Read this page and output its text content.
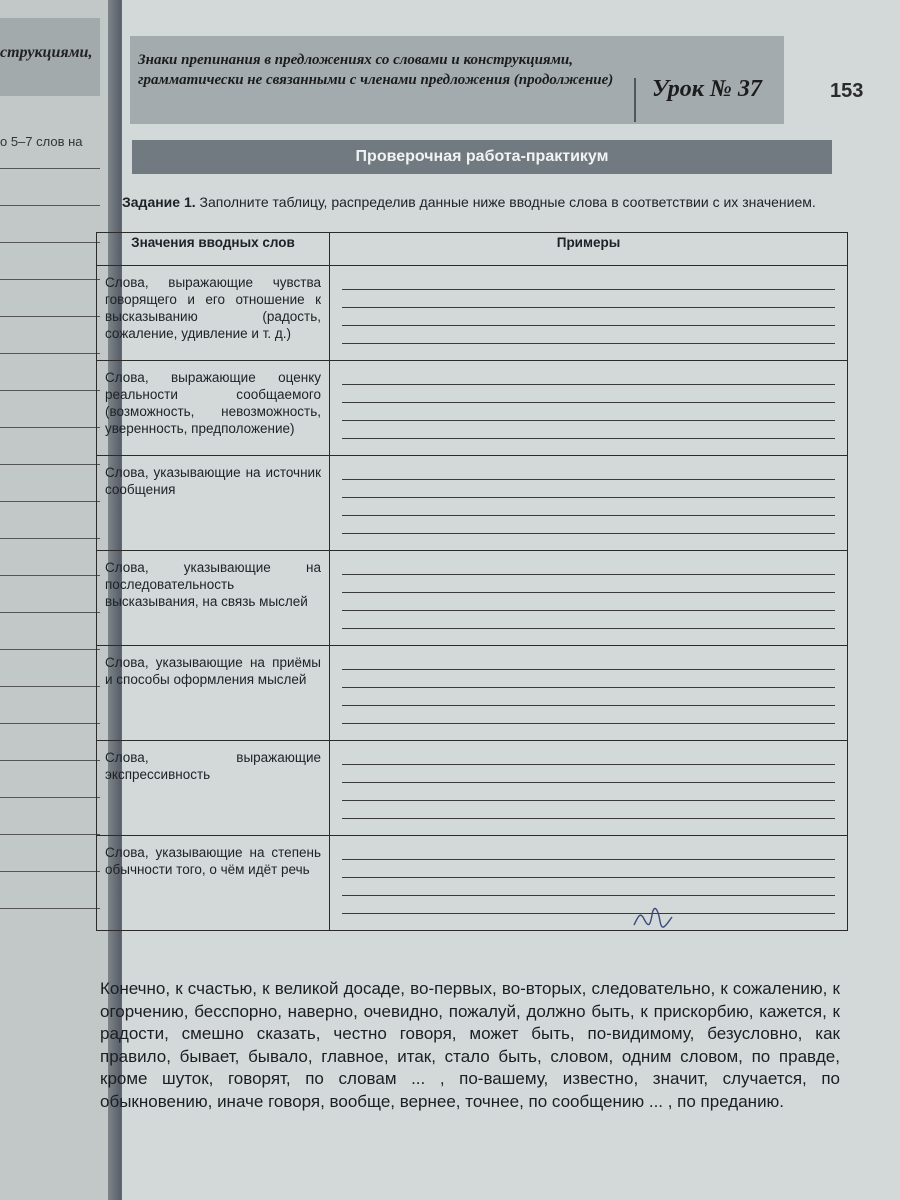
струкциями,
о 5–7 слов на

Знаки препинания в предложениях со словами и конструкциями, грамматически не связанными с членами предложения (продолжение)	Урок № 37	153
Проверочная работа-практикум
Задание 1. Заполните таблицу, распределив данные ниже вводные слова в соответствии с их значением.
Значения вводных слов	Примеры
Слова, выражающие чувства говорящего и его отношение к высказыванию (радость, сожаление, удивление и т. д.)	

Слова, выражающие оценку реальности сообщаемого (возможность, невозможность, уверенность, предположение)	

Слова, указывающие на источник сообщения	

Слова, указывающие на последовательность высказывания, на связь мыслей	

Слова, указывающие на приёмы и способы оформления мыслей	

Слова, выражающие экспрессивность	

Слова, указывающие на степень обычности того, о чём идёт речь	

Конечно, к счастью, к великой досаде, во-первых, во-вторых, следовательно, к сожалению, к огорчению, бесспорно, наверно, очевидно, пожалуй, должно быть, к прискорбию, кажется, к радости, смешно сказать, честно говоря, может быть, по-видимому, безусловно, как правило, бывает, бывало, главное, итак, стало быть, словом, одним словом, по правде, кроме шуток, говорят, по словам ... , по-вашему, известно, значит, случается, по обыкновению, иначе говоря, вообще, вернее, точнее, по сообщению ... , по преданию.
